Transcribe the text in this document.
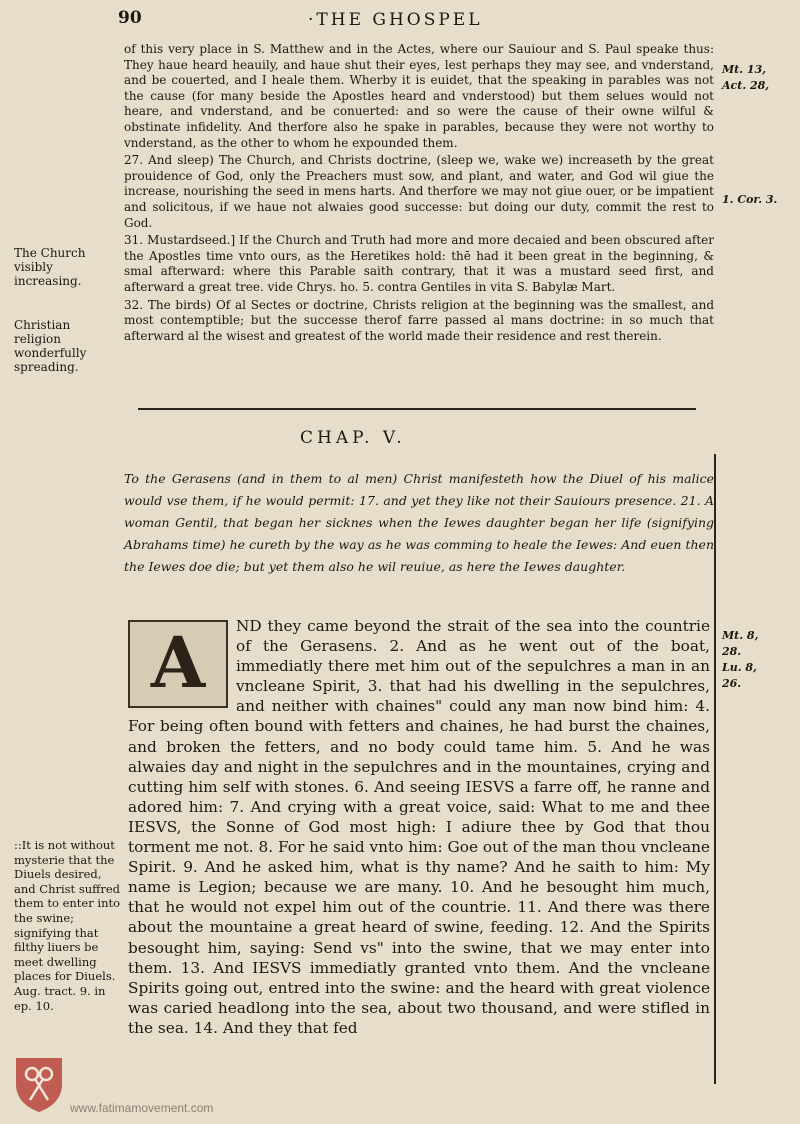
90	·THE GHOSPEL

of this very place in S. Matthew and in the Actes, where our Sauiour and S. Paul speake thus: They haue heard heauily, and haue shut their eyes, lest perhaps they may see, and vnderstand, and be couerted, and I heale them. Wherby it is euidet, that the speaking in parables was not the cause (for many beside the Apostles heard and vnderstood) but them selues would not heare, and vnderstand, and be conuerted: and so were the cause of their owne wilful & obstinate infidelity. And therfore also he spake in parables, because they were not worthy to vnderstand, as the other to whom he expounded them.

27. And sleep) The Church, and Christs doctrine, (sleep we, wake we) increaseth by the great prouidence of God, only the Preachers must sow, and plant, and water, and God wil giue the increase, nourishing the seed in mens harts. And therfore we may not giue ouer, or be impatient and solicitous, if we haue not alwaies good successe: but doing our duty, commit the rest to God.

31. Mustardseed.] If the Church and Truth had more and more decaied and been obscured after the Apostles time vnto ours, as the Heretikes hold: thē had it been great in the beginning, & smal afterward: where this Parable saith contrary, that it was a mustard seed first, and afterward a great tree. vide Chrys. ho. 5. contra Gentiles in vita S. Babylæ Mart.

32. The birds) Of al Sectes or doctrine, Christs religion at the beginning was the smallest, and most contemptible; but the successe therof farre passed al mans doctrine: in so much that afterward al the wisest and greatest of the world made their residence and rest therein.

The Church visibly increasing.
Christian religion wonderfully spreading.
Mt. 13,
Act. 28,
1. Cor. 3.
CHAP. V.
To the Gerasens (and in them to al men) Christ manifesteth how the Diuel of his malice would vse them, if he would permit: 17. and yet they like not their Sauiours presence. 21. A woman Gentil, that began her sicknes when the Iewes daughter began her life (signifying Abrahams time) he cureth by the way as he was comming to heale the Iewes: And euen then the Iewes doe die; but yet them also he wil reuiue, as here the Iewes daughter.
A	ND they came beyond the strait of the sea into the countrie of the Gerasens. 2. And as he went out of the boat, immediatly there met him out of the sepulchres a man in an vncleane Spirit, 3. that had his dwelling in the sepulchres, and neither with chaines" could any man now bind him: 4. For being often bound with fetters and chaines, he had burst the chaines, and broken the fetters, and no body could tame him. 5. And he was alwaies day and night in the sepulchres and in the mountaines, crying and cutting him self with stones. 6. And seeing IESVS a farre off, he ranne and adored him: 7. And crying with a great voice, said: What to me and thee IESVS, the Sonne of God most high: I adiure thee by God that thou torment me not. 8. For he said vnto him: Goe out of the man thou vncleane Spirit. 9. And he asked him, what is thy name? And he saith to him: My name is Legion; because we are many. 10. And he besought him much, that he would not expel him out of the countrie. 11. And there was there about the mountaine a great heard of swine, feeding. 12. And the Spirits besought him, saying: Send vs" into the swine, that we may enter into them. 13. And IESVS immediatly granted vnto them. And the vncleane Spirits going out, entred into the swine: and the heard with great violence was caried headlong into the sea, about two thousand, and were stifled in the sea. 14. And they that fed
Mt. 8,
28.
Lu. 8,
26.
::It is not without mysterie that the Diuels desired, and Christ suffred them to enter into the swine; signifying that filthy liuers be meet dwelling places for Diuels. Aug. tract. 9. in ep. 10.
www.fatimamovement.com
